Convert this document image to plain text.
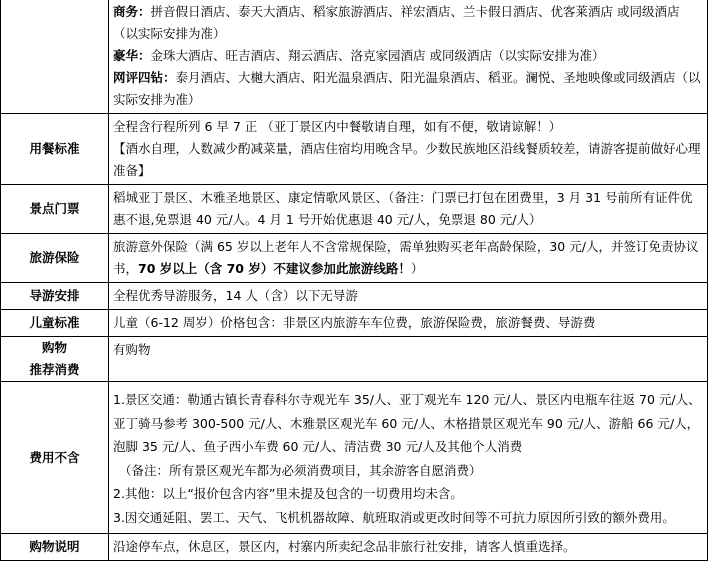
	商务：拼音假日酒店、泰天大酒店、稻家旅游酒店、祥宏酒店、兰卡假日酒店、优客莱酒店 或同级酒店（以实际安排为准）
豪华：金珠大酒店、旺吉酒店、翔云酒店、洛克家园酒店 或同级酒店（以实际安排为准）
网评四钻：泰月酒店、大樾大酒店、阳光温泉酒店、阳光温泉酒店、稻亚。澜悦、圣地映像或同级酒店（以实际安排为准）

用餐标准	全程含行程所列 6 早 7 正 （亚丁景区内中餐敬请自理，如有不便，敬请谅解！）
【酒水自理，人数减少酌减菜量，酒店住宿均用晚含早。少数民族地区沿线餐质较差，请游客提前做好心理准备】

景点门票	稻城亚丁景区、木雅圣地景区、康定情歌风景区、（备注：门票已打包在团费里，3 月 31 号前所有证件优惠不退,免票退 40 元/人。4 月 1 号开始优惠退 40 元/人，免票退 80 元/人）
旅游保险	旅游意外保险（满 65 岁以上老年人不含常规保险，需单独购买老年高龄保险，30 元/人，并签订免责协议书，70 岁以上（含 70 岁）不建议参加此旅游线路！）
导游安排	全程优秀导游服务，14 人（含）以下无导游
儿童标准	儿童（6-12 周岁）价格包含：非景区内旅游车车位费，旅游保险费，旅游餐费、导游费

购物
推荐消费	有购物
费用不含	1.景区交通：勒通古镇长青春科尔寺观光车 35/人、亚丁观光车 120 元/人、景区内电瓶车往返 70 元/人、亚丁骑马参考 300-500 元/人、木雅景区观光车 60 元/人、木格措景区观光车 90 元/人、游船 66 元/人，泡脚 35 元/人、鱼子西小车费 60 元/人、清洁费 30 元/人及其他个人消费
（备注：所有景区观光车都为必须消费项目，其余游客自愿消费）
2.其他：以上“报价包含内容”里未提及包含的一切费用均未含。
3.因交通延阻、罢工、天气、飞机机器故障、航班取消或更改时间等不可抗力原因所引致的额外费用。

购物说明	沿途停车点，休息区，景区内，村寨内所卖纪念品非旅行社安排，请客人慎重选择。
